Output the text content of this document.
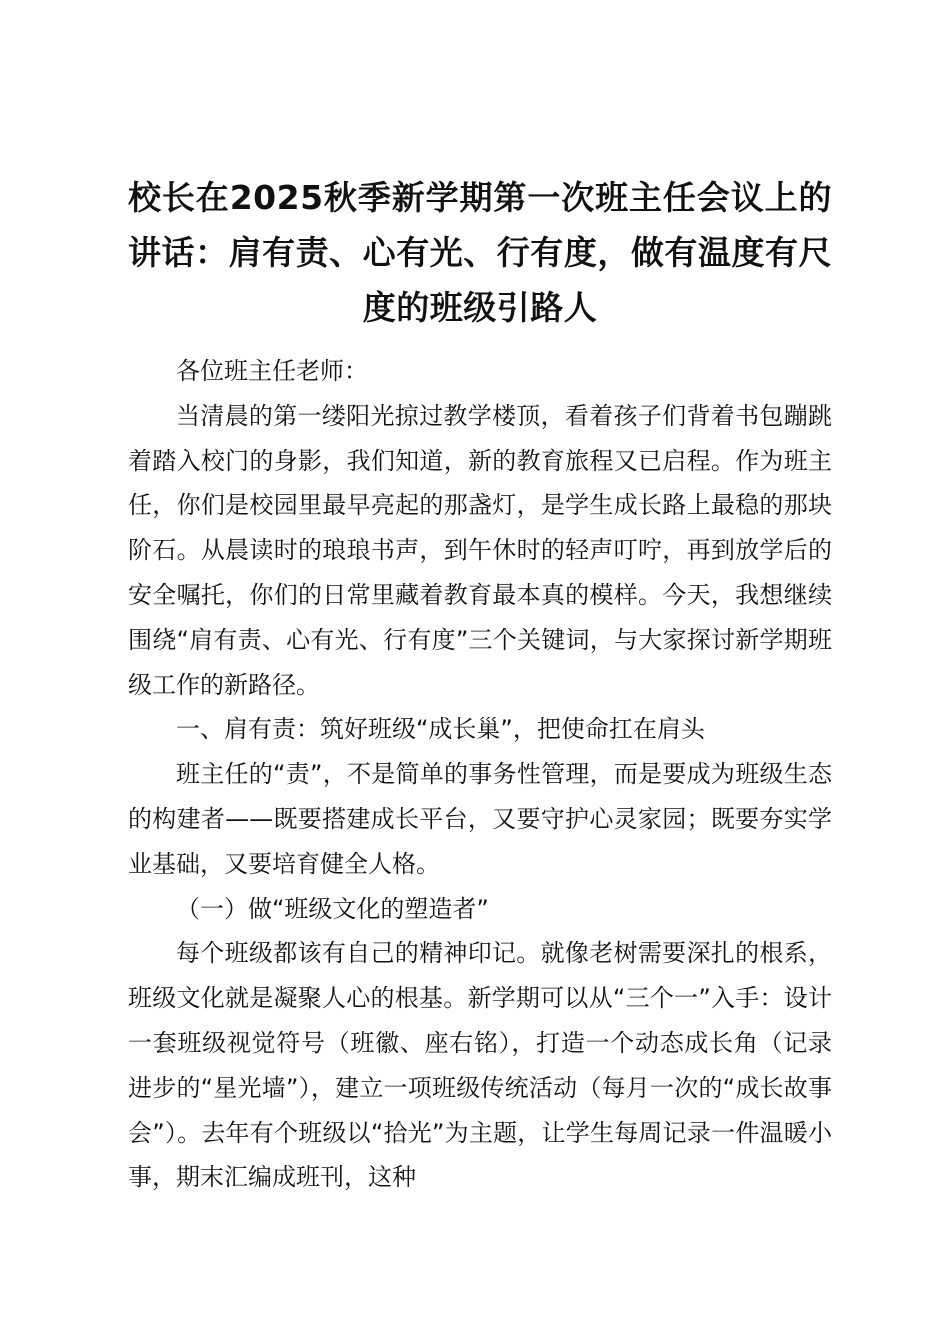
校长在2025秋季新学期第一次班主任会议上的讲话：肩有责、心有光、行有度，做有温度有尺度的班级引路人

各位班主任老师：

当清晨的第一缕阳光掠过教学楼顶，看着孩子们背着书包蹦跳着踏入校门的身影，我们知道，新的教育旅程又已启程。作为班主任，你们是校园里最早亮起的那盏灯，是学生成长路上最稳的那块阶石。从晨读时的琅琅书声，到午休时的轻声叮咛，再到放学后的安全嘱托，你们的日常里藏着教育最本真的模样。今天，我想继续围绕“肩有责、心有光、行有度”三个关键词，与大家探讨新学期班级工作的新路径。

一、肩有责：筑好班级“成长巢”，把使命扛在肩头

班主任的“责”，不是简单的事务性管理，而是要成为班级生态的构建者——既要搭建成长平台，又要守护心灵家园；既要夯实学业基础，又要培育健全人格。

（一）做“班级文化的塑造者”

每个班级都该有自己的精神印记。就像老树需要深扎的根系，班级文化就是凝聚人心的根基。新学期可以从“三个一”入手：设计一套班级视觉符号（班徽、座右铭），打造一个动态成长角（记录进步的“星光墙”），建立一项班级传统活动（每月一次的“成长故事会”）。去年有个班级以“拾光”为主题，让学生每周记录一件温暖小事，期末汇编成班刊，这种
